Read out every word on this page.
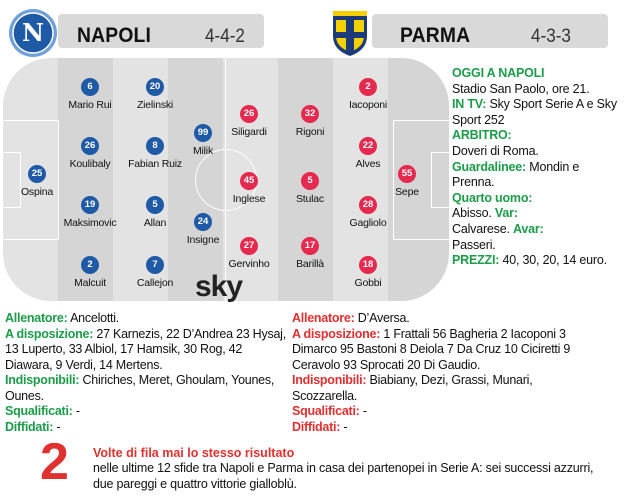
N NAPOLI	4-4-2	PARMA	4-3-3
25
Ospina
6
Mario Rui
26
Koulibaly
19
Maksimovic
2
Malcuit
20
Zielinski
8
Fabian Ruiz
5
Allan
7
Callejon
99
Milik
24
Insigne
55
Sepe
2
Iacoponi
22
Alves
28
Gagliolo
18
Gobbi
32
Rigoni
5
Stulac
17
Barillà
26
Siligardi
45
Inglese
27
Gervinho
sky
OGGI A NAPOLI
Stadio San Paolo, ore 21.
IN TV: Sky Sport Serie A e Sky Sport 252
ARBITRO:
Doveri di Roma.
Guardalinee: Mondin e Prenna.
Quarto uomo:
Abisso. Var:
Calvarese. Avar:
Passeri.
PREZZI: 40, 30, 20, 14 euro.
Allenatore: Ancelotti.
A disposizione: 27 Karnezis, 22 D’Andrea 23 Hysaj, 13 Luperto, 33 Albiol, 17 Hamsik, 30 Rog, 42 Diawara, 9 Verdi, 14 Mertens.
Indisponibili: Chiriches, Meret, Ghoulam, Younes, Ounes.
Squalificati: -
Diffidati: -
Allenatore: D’Aversa.
A disposizione: 1 Frattali 56 Bagheria 2 Iacoponi 3 Dimarco 95 Bastoni 8 Deiola 7 Da Cruz 10 Ciciretti 9 Ceravolo 93 Sprocati 20 Di Gaudio.
Indisponibili: Biabiany, Dezi, Grassi, Munari, Scozzarella.
Squalificati: -
Diffidati: -
2 Volte di fila mai lo stesso risultato
nelle ultime 12 sfide tra Napoli e Parma in casa dei partenopei in Serie A: sei successi azzurri, due pareggi e quattro vittorie gialloblù.
